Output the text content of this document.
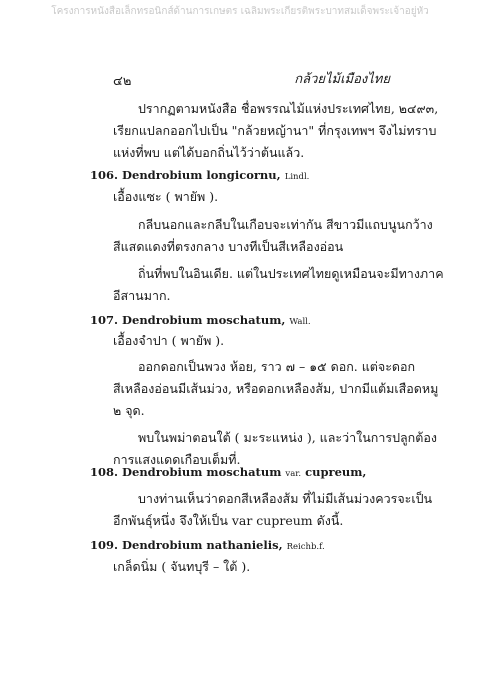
โครงการหนังสือเล็กทรอนิกส์ด้านการเกษตร เฉลิมพระเกียรติพระบาทสมเด็จพระเจ้าอยู่หัว
๔๒	กล้วยไม้เมืองไทย
ปรากฏตามหนังสือ ชื่อพรรณไม้แห่งประเทศไทย, ๒๔๙๓,
เรียกแปลกออกไปเป็น "กล้วยหญ้านา" ที่กรุงเทพฯ จึงไม่ทราบ
แห่งที่พบ แต่ได้บอกถิ่นไว้ว่าต้นแล้ว.
106. Dendrobium longicornu, Lindl.
เอื้องแซะ ( พายัพ ).
กลีบนอกและกลีบในเกือบจะเท่ากัน สีขาวมีแถบนูนกว้าง
สีแสดแดงที่ตรงกลาง บางทีเป็นสีเหลืองอ่อน
ถิ่นที่พบในอินเดีย. แต่ในประเทศไทยดูเหมือนจะมีทางภาค
อีสานมาก.
107. Dendrobium moschatum, Wall.
เอื้องจำปา ( พายัพ ).
ออกดอกเป็นพวง ห้อย, ราว ๗ – ๑๕ ดอก. แต่จะดอก
สีเหลืองอ่อนมีเส้นม่วง, หรือดอกเหลืองส้ม, ปากมีแต้มเสือดหมู
๒ จุด.
พบในพม่าตอนใต้ ( มะระแหน่ง ), และว่าในการปลูกต้อง
การแสงแดดเกือบเต็มที่.
108. Dendrobium moschatum var. cupreum,
บางท่านเห็นว่าดอกสีเหลืองส้ม ที่ไม่มีเส้นม่วงควรจะเป็น
อีกพันธุ์หนึ่ง จึงให้เป็น var cupreum ดังนี้.
109. Dendrobium nathanielis, Reichb.f.
เกล็ดนิ่ม ( จันทบุรี – ใต้ ).
